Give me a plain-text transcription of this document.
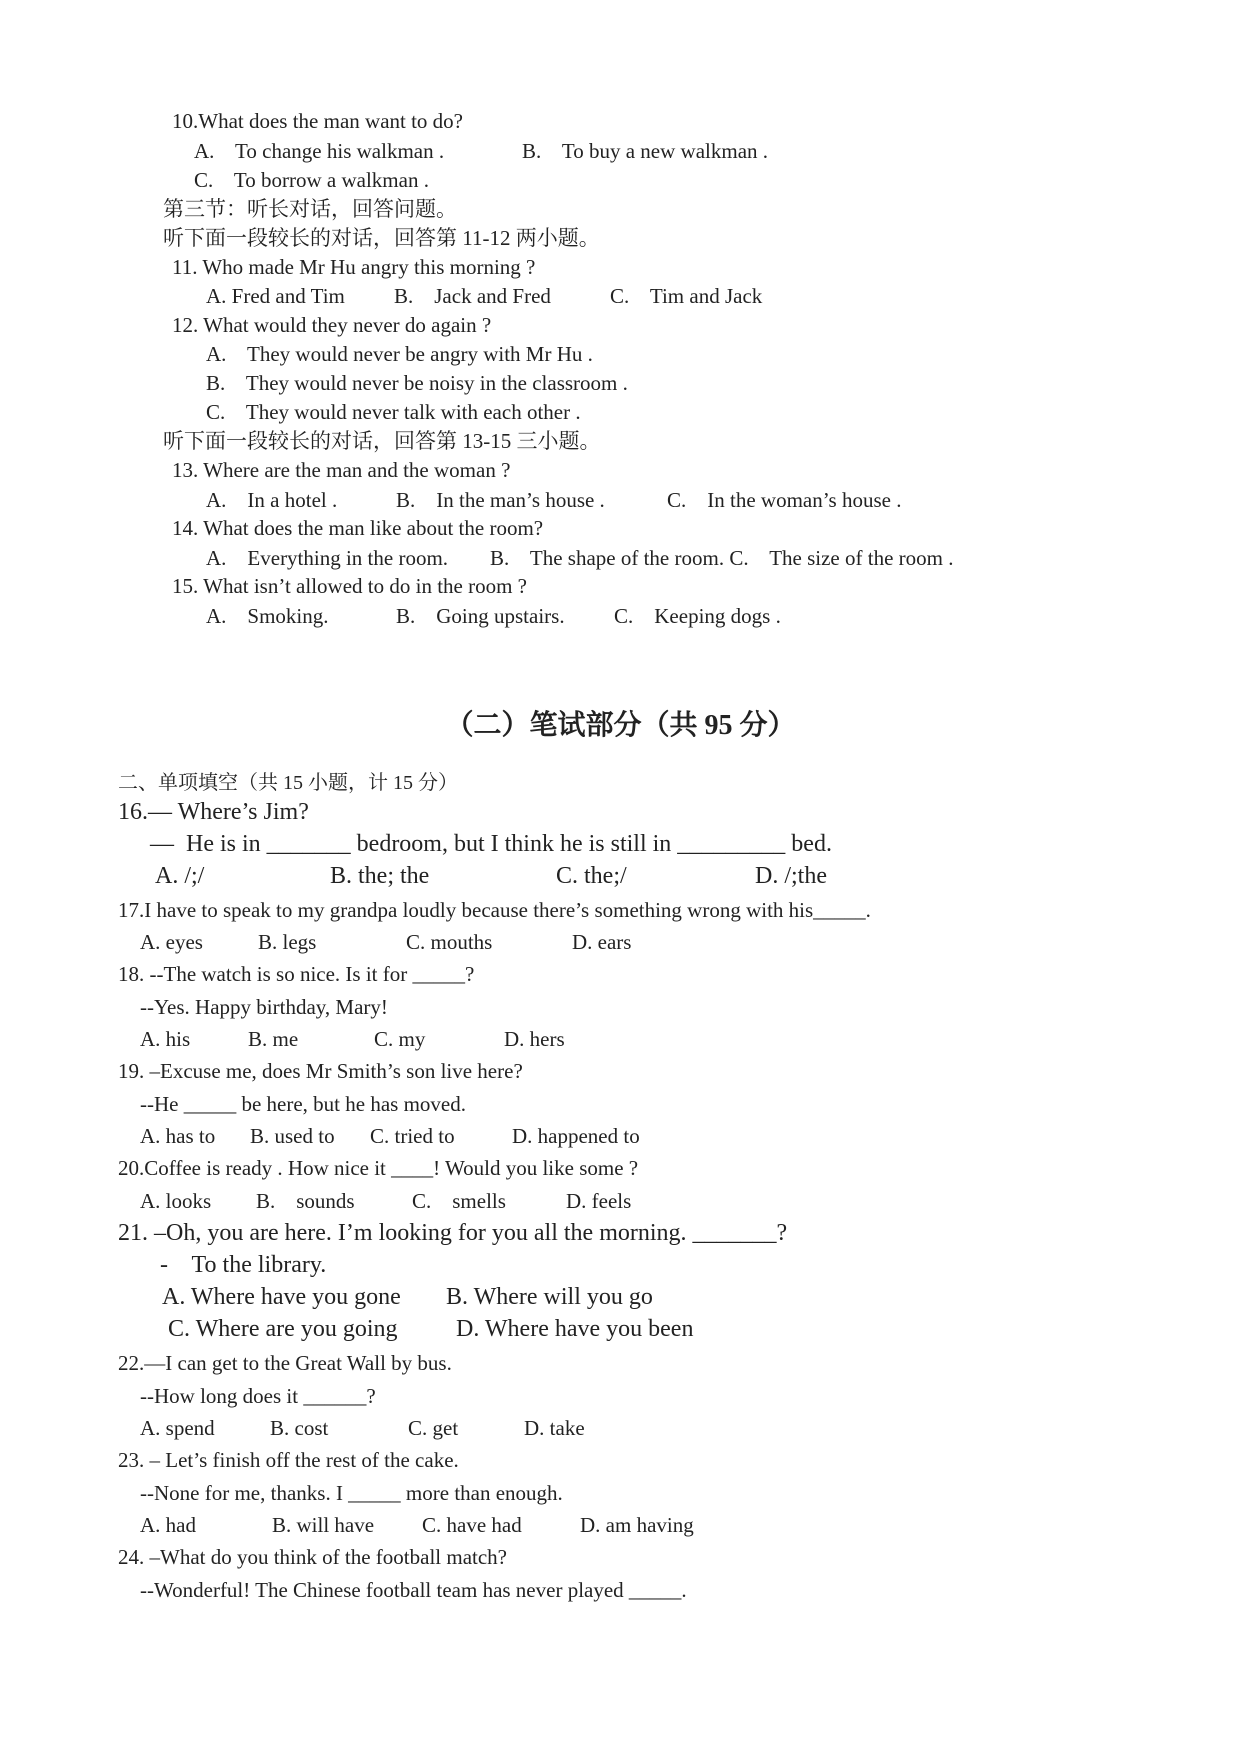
10.What does the man want to do?
A.    To change his walkman .	B.    To buy a new walkman .
C.    To borrow a walkman .
第三节：听长对话，回答问题。
听下面一段较长的对话，回答第 11-12 两小题。
11. Who made Mr Hu angry this morning ?
A. Fred and Tim B.    Jack and Fred	C.    Tim and Jack
12. What would they never do again ?
A.    They would never be angry with Mr Hu .
B.    They would never be noisy in the classroom .
C.    They would never talk with each other .
听下面一段较长的对话，回答第 13-15 三小题。
13. Where are the man and the woman ?
A.    In a hotel .	B.    In the man’s house .	C.    In the woman’s house .
14. What does the man like about the room?
A.    Everything in the room. B.    The shape of the room. C.    The size of the room .
15. What isn’t allowed to do in the room ?
A.    Smoking.	B.    Going upstairs. C.    Keeping dogs .
（二）笔试部分（共 95 分）
二、单项填空（共 15 小题，计 15 分）
16.— Where’s Jim?
—  He is in _______ bedroom, but I think he is still in _________ bed.
A. /;/	B. the; the	C. the;/	D. /;the
17.I have to speak to my grandpa loudly because there’s something wrong with his_____.
A. eyes	B. legs	C. mouths	D. ears
18. --The watch is so nice. Is it for _____?
--Yes. Happy birthday, Mary!
A. his	B. me	C. my	D. hers
19. –Excuse me, does Mr Smith’s son live here?
--He _____ be here, but he has moved.
A. has to B. used to C. tried to	D. happened to
20.Coffee is ready . How nice it ____! Would you like some ?
A. looks B.    sounds	C.    smells	D. feels
21. –Oh, you are here. I’m looking for you all the morning. _______?
-    To the library.
A. Where have you gone B. Where will you go
C. Where are you going D. Where have you been
22.—I can get to the Great Wall by bus.
--How long does it ______?
A. spend	B. cost	C. get	D. take
23. – Let’s finish off the rest of the cake.
--None for me, thanks. I _____ more than enough.
A. had	B. will have C. have had	D. am having
24. –What do you think of the football match?
--Wonderful! The Chinese football team has never played _____.
